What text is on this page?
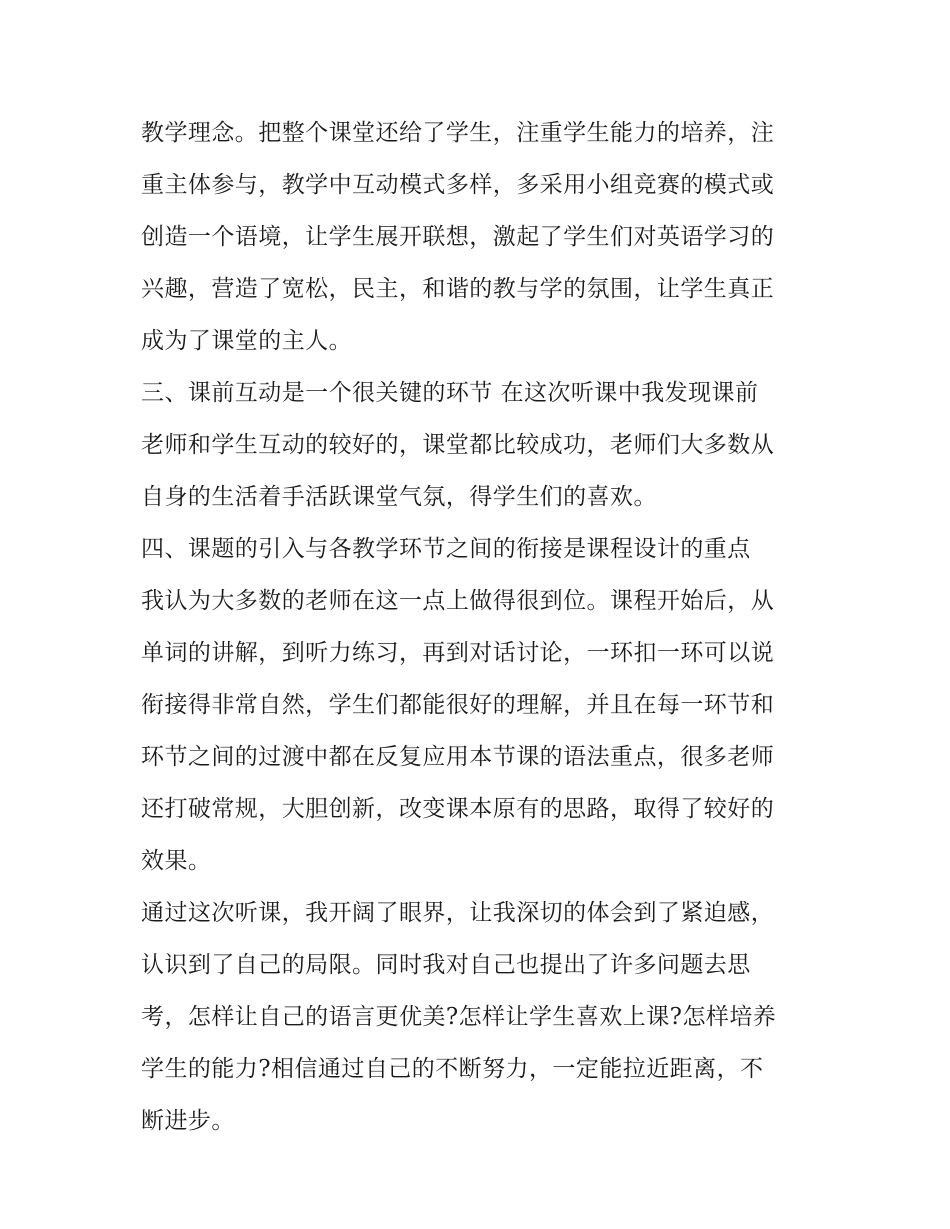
教学理念。把整个课堂还给了学生，注重学生能力的培养，注
重主体参与，教学中互动模式多样，多采用小组竞赛的模式或
创造一个语境，让学生展开联想，激起了学生们对英语学习的
兴趣，营造了宽松，民主，和谐的教与学的氛围，让学生真正
成为了课堂的主人。
三、课前互动是一个很关键的环节 在这次听课中我发现课前
老师和学生互动的较好的，课堂都比较成功，老师们大多数从
自身的生活着手活跃课堂气氛，得学生们的喜欢。
四、课题的引入与各教学环节之间的衔接是课程设计的重点
我认为大多数的老师在这一点上做得很到位。课程开始后，从
单词的讲解，到听力练习，再到对话讨论，一环扣一环可以说
衔接得非常自然，学生们都能很好的理解，并且在每一环节和
环节之间的过渡中都在反复应用本节课的语法重点，很多老师
还打破常规，大胆创新，改变课本原有的思路，取得了较好的
效果。
通过这次听课，我开阔了眼界，让我深切的体会到了紧迫感，
认识到了自己的局限。同时我对自己也提出了许多问题去思
考，怎样让自己的语言更优美?怎样让学生喜欢上课?怎样培养
学生的能力?相信通过自己的不断努力，一定能拉近距离，不
断进步。
